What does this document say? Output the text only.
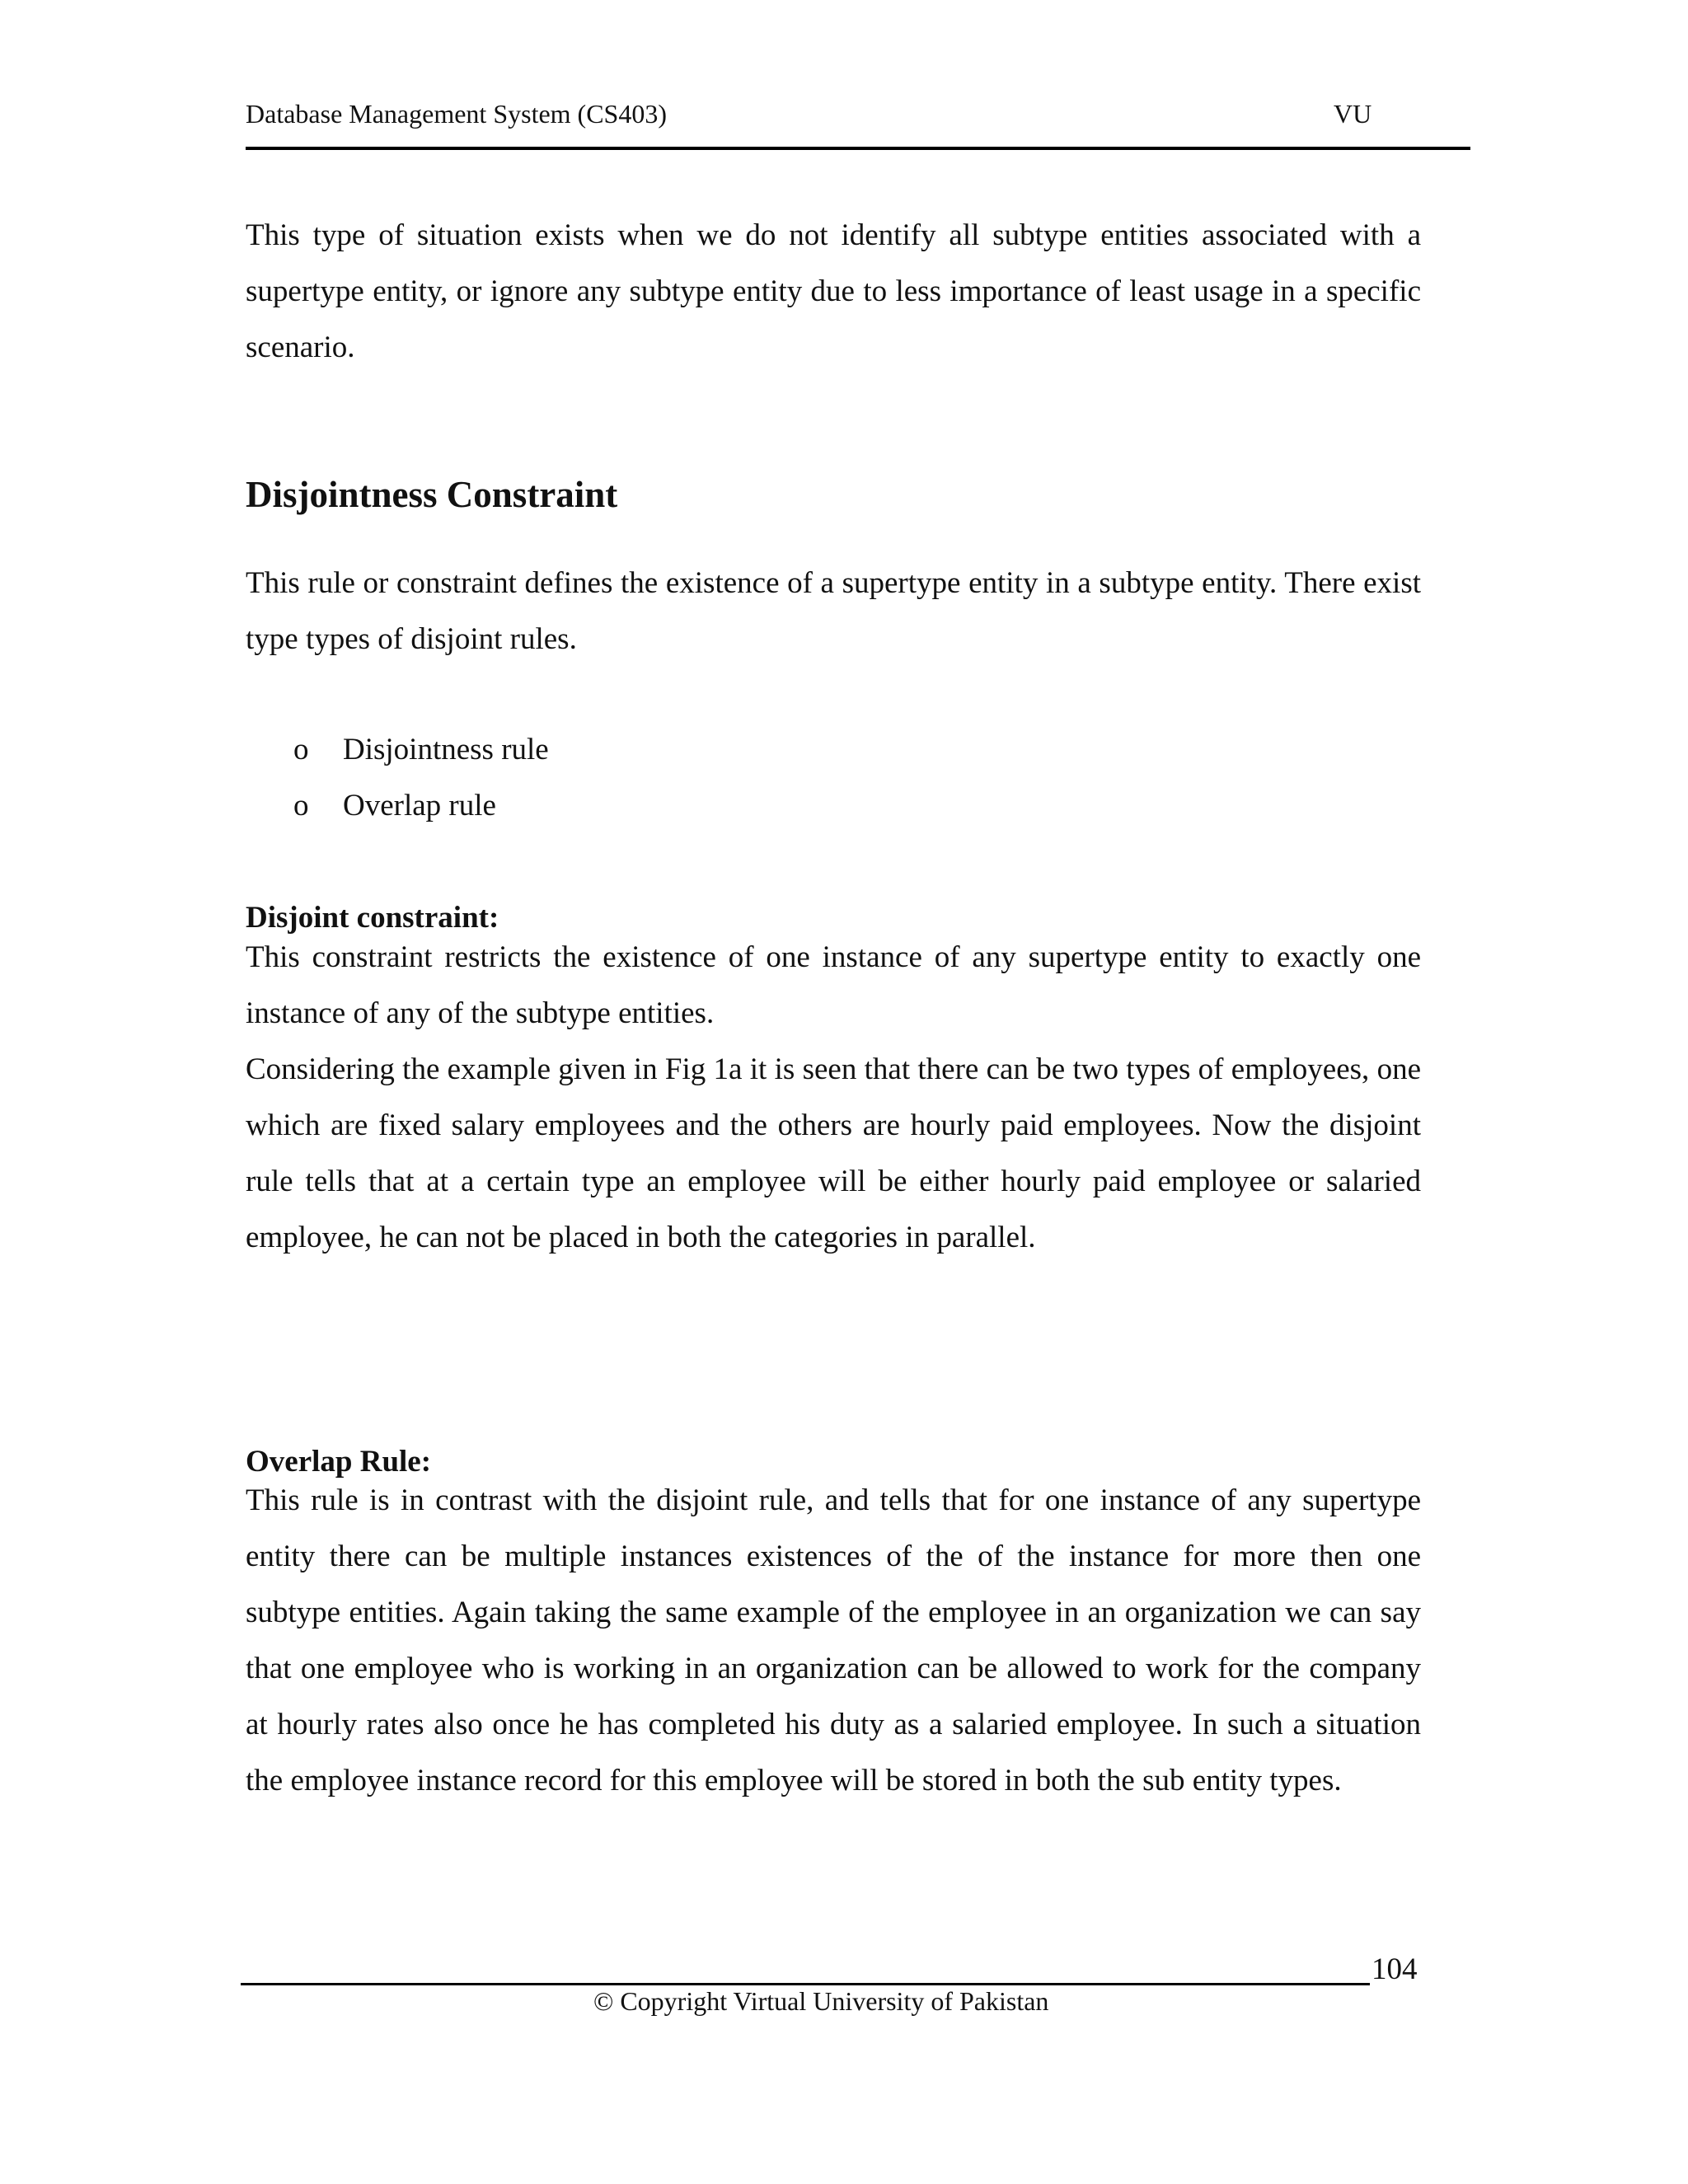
Database Management System (CS403)	VU

This type of situation exists when we do not identify all subtype entities associated with a supertype entity, or ignore any subtype entity due to less importance of least usage in a specific scenario.

Disjointness Constraint

This rule or constraint defines the existence of a supertype entity in a subtype entity. There exist type types of disjoint rules.

o Disjointness rule
o Overlap rule
Disjoint constraint:

This constraint restricts the existence of one instance of any supertype entity to exactly one instance of any of the subtype entities.

Considering the example given in Fig 1a it is seen that there can be two types of employees, one which are fixed salary employees and the others are hourly paid employees. Now the disjoint rule tells that at a certain type an employee will be either hourly paid employee or salaried employee, he can not be placed in both the categories in parallel.

Overlap Rule:

This rule is in contrast with the disjoint rule, and tells that for one instance of any supertype entity there can be multiple instances existences of the of the instance for more then one subtype entities. Again taking the same example of the employee in an organization we can say that one employee who is working in an organization can be allowed to work for the company at hourly rates also once he has completed his duty as a salaried employee. In such a situation the employee instance record for this employee will be stored in both the sub entity types.

104
© Copyright Virtual University of Pakistan
